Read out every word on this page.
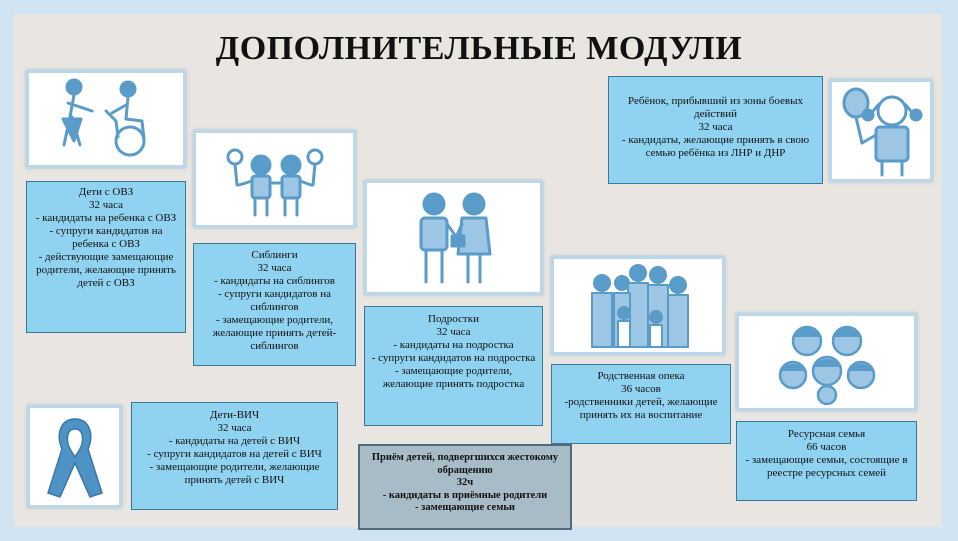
ДОПОЛНИТЕЛЬНЫЕ МОДУЛИ
Дети с ОВЗ
32 часа
- кандидаты на ребенка с ОВЗ
- супруги кандидатов на ребенка с ОВЗ
- действующие замещающие родители, желающие принять детей с ОВЗ
Сиблинги
32 часа
- кандидаты на сиблингов
- супруги кандидатов на сиблингов
- замещающие родители, желающие принять детей-сиблингов
Подростки
32 часа
- кандидаты на подростка
- супруги кандидатов на подростка
- замещающие родители, желающие принять подростка
Родственная опека
36 часов
-родственники детей, желающие принять их на воспитание
Ресурсная семья
66 часов
- замещающие семьи, состоящие в реестре ресурсных семей
Ребёнок, прибывший из зоны боевых действий
32 часа
- кандидаты, желающие принять в свою семью ребёнка из ЛНР и ДНР
Дети-ВИЧ
32 часа
- кандидаты на детей с ВИЧ
- супруги кандидатов на детей с ВИЧ
- замещающие родители, желающие принять детей с ВИЧ
Приём детей, подвергшихся жестокому обращению
32ч
- кандидаты в приёмные родители
- замещающие семьи
